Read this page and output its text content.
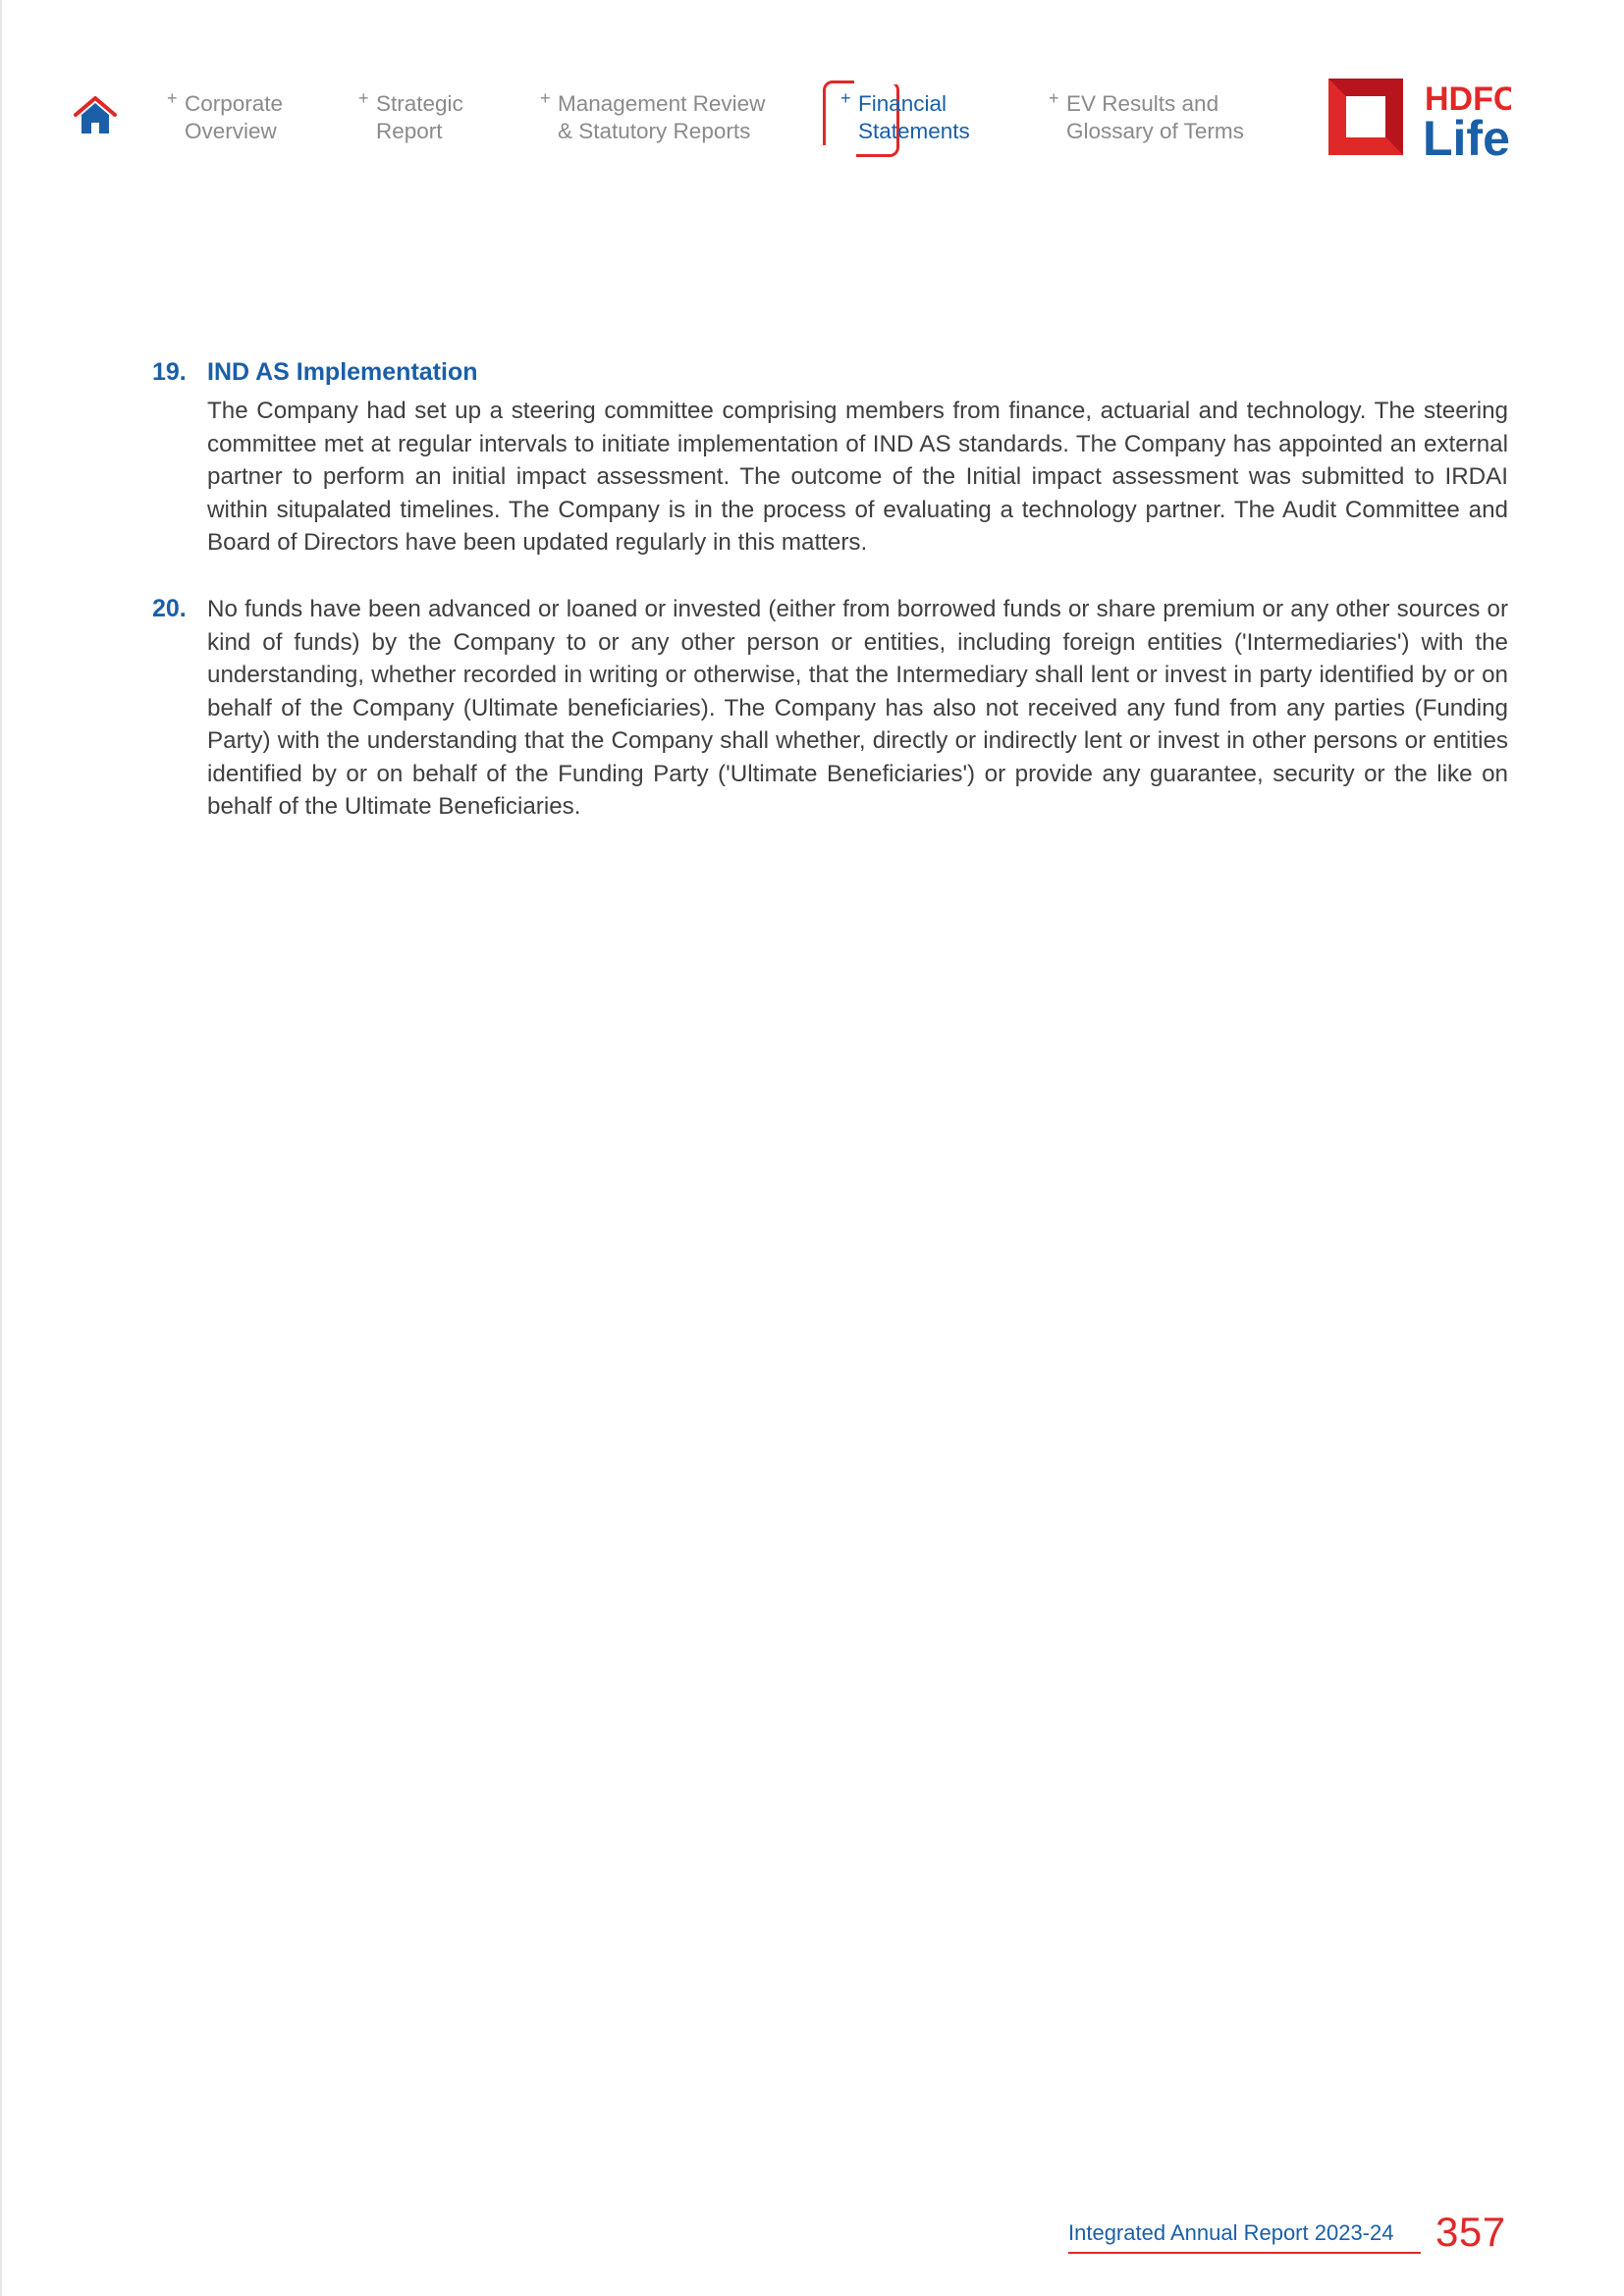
+ Corporate
Overview
+ Strategic
Report
+ Management Review
& Statutory Reports
+ Financial
Statements
+ EV Results and
Glossary of Terms
HDFC
Life
19. IND AS Implementation
The Company had set up a steering committee comprising members from finance, actuarial and technology. The steering committee met at regular intervals to initiate implementation of IND AS standards. The Company has appointed an external partner to perform an initial impact assessment. The outcome of the Initial impact assessment was submitted to IRDAI within situpalated timelines. The Company is in the process of evaluating a technology partner. The Audit Committee and Board of Directors have been updated regularly in this matters.
20. No funds have been advanced or loaned or invested (either from borrowed funds or share premium or any other sources or kind of funds) by the Company to or any other person or entities, including foreign entities ('Intermediaries') with the understanding, whether recorded in writing or otherwise, that the Intermediary shall lent or invest in party identified by or on behalf of the Company (Ultimate beneficiaries). The Company has also not received any fund from any parties (Funding Party) with the understanding that the Company shall whether, directly or indirectly lent or invest in other persons or entities identified by or on behalf of the Funding Party ('Ultimate Beneficiaries') or provide any guarantee, security or the like on behalf of the Ultimate Beneficiaries.
Integrated Annual Report 2023-24 357
